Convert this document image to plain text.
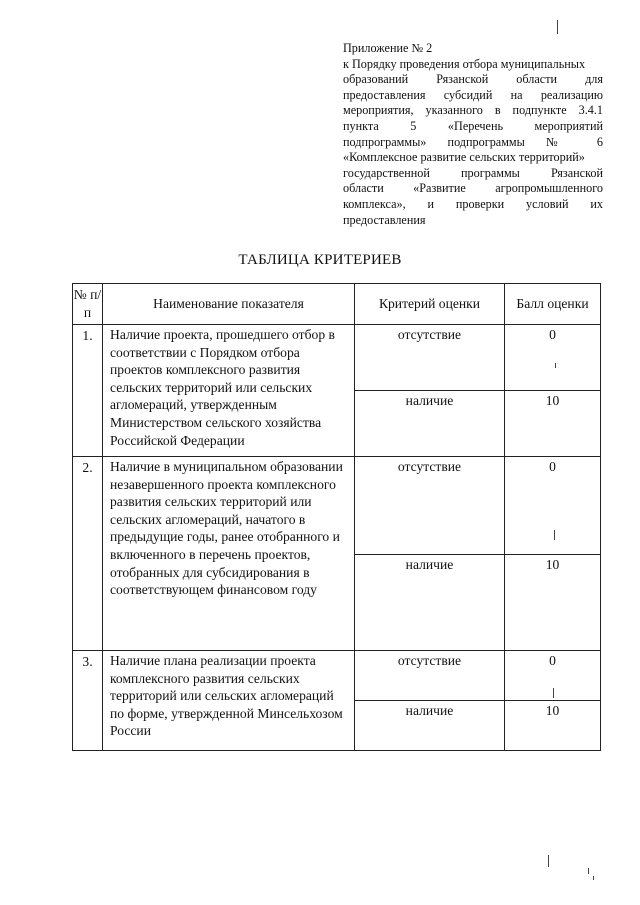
Приложение № 2
к Порядку проведения отбора муниципальных
образований Рязанской области для
предоставления субсидий на реализацию
мероприятия, указанного в подпункте 3.4.1
пункта 5 «Перечень мероприятий
подпрограммы» подпрограммы № 6
«Комплексное развитие сельских территорий»
государственной программы Рязанской
области «Развитие агропромышленного
комплекса», и проверки условий их
предоставления
ТАБЛИЦА КРИТЕРИЕВ
№ п/п	Наименование показателя	Критерий оценки	Балл оценки
1.	Наличие проекта, прошедшего отбор в соответствии с Порядком отбора проектов комплексного развития сельских территорий или сельских агломераций, утвержденным Министерством сельского хозяйства Российской Федерации	отсутствие	0
		наличие	10
2.	Наличие в муниципальном образовании незавершенного проекта комплексного развития сельских территорий или сельских агломераций, начатого в предыдущие годы, ранее отобранного и включенного в перечень проектов, отобранных для субсидирования в соответствующем финансовом году	отсутствие	0
		наличие	10
3.	Наличие плана реализации проекта комплексного развития сельских территорий или сельских агломераций по форме, утвержденной Минсельхозом России	отсутствие	0
		наличие	10
